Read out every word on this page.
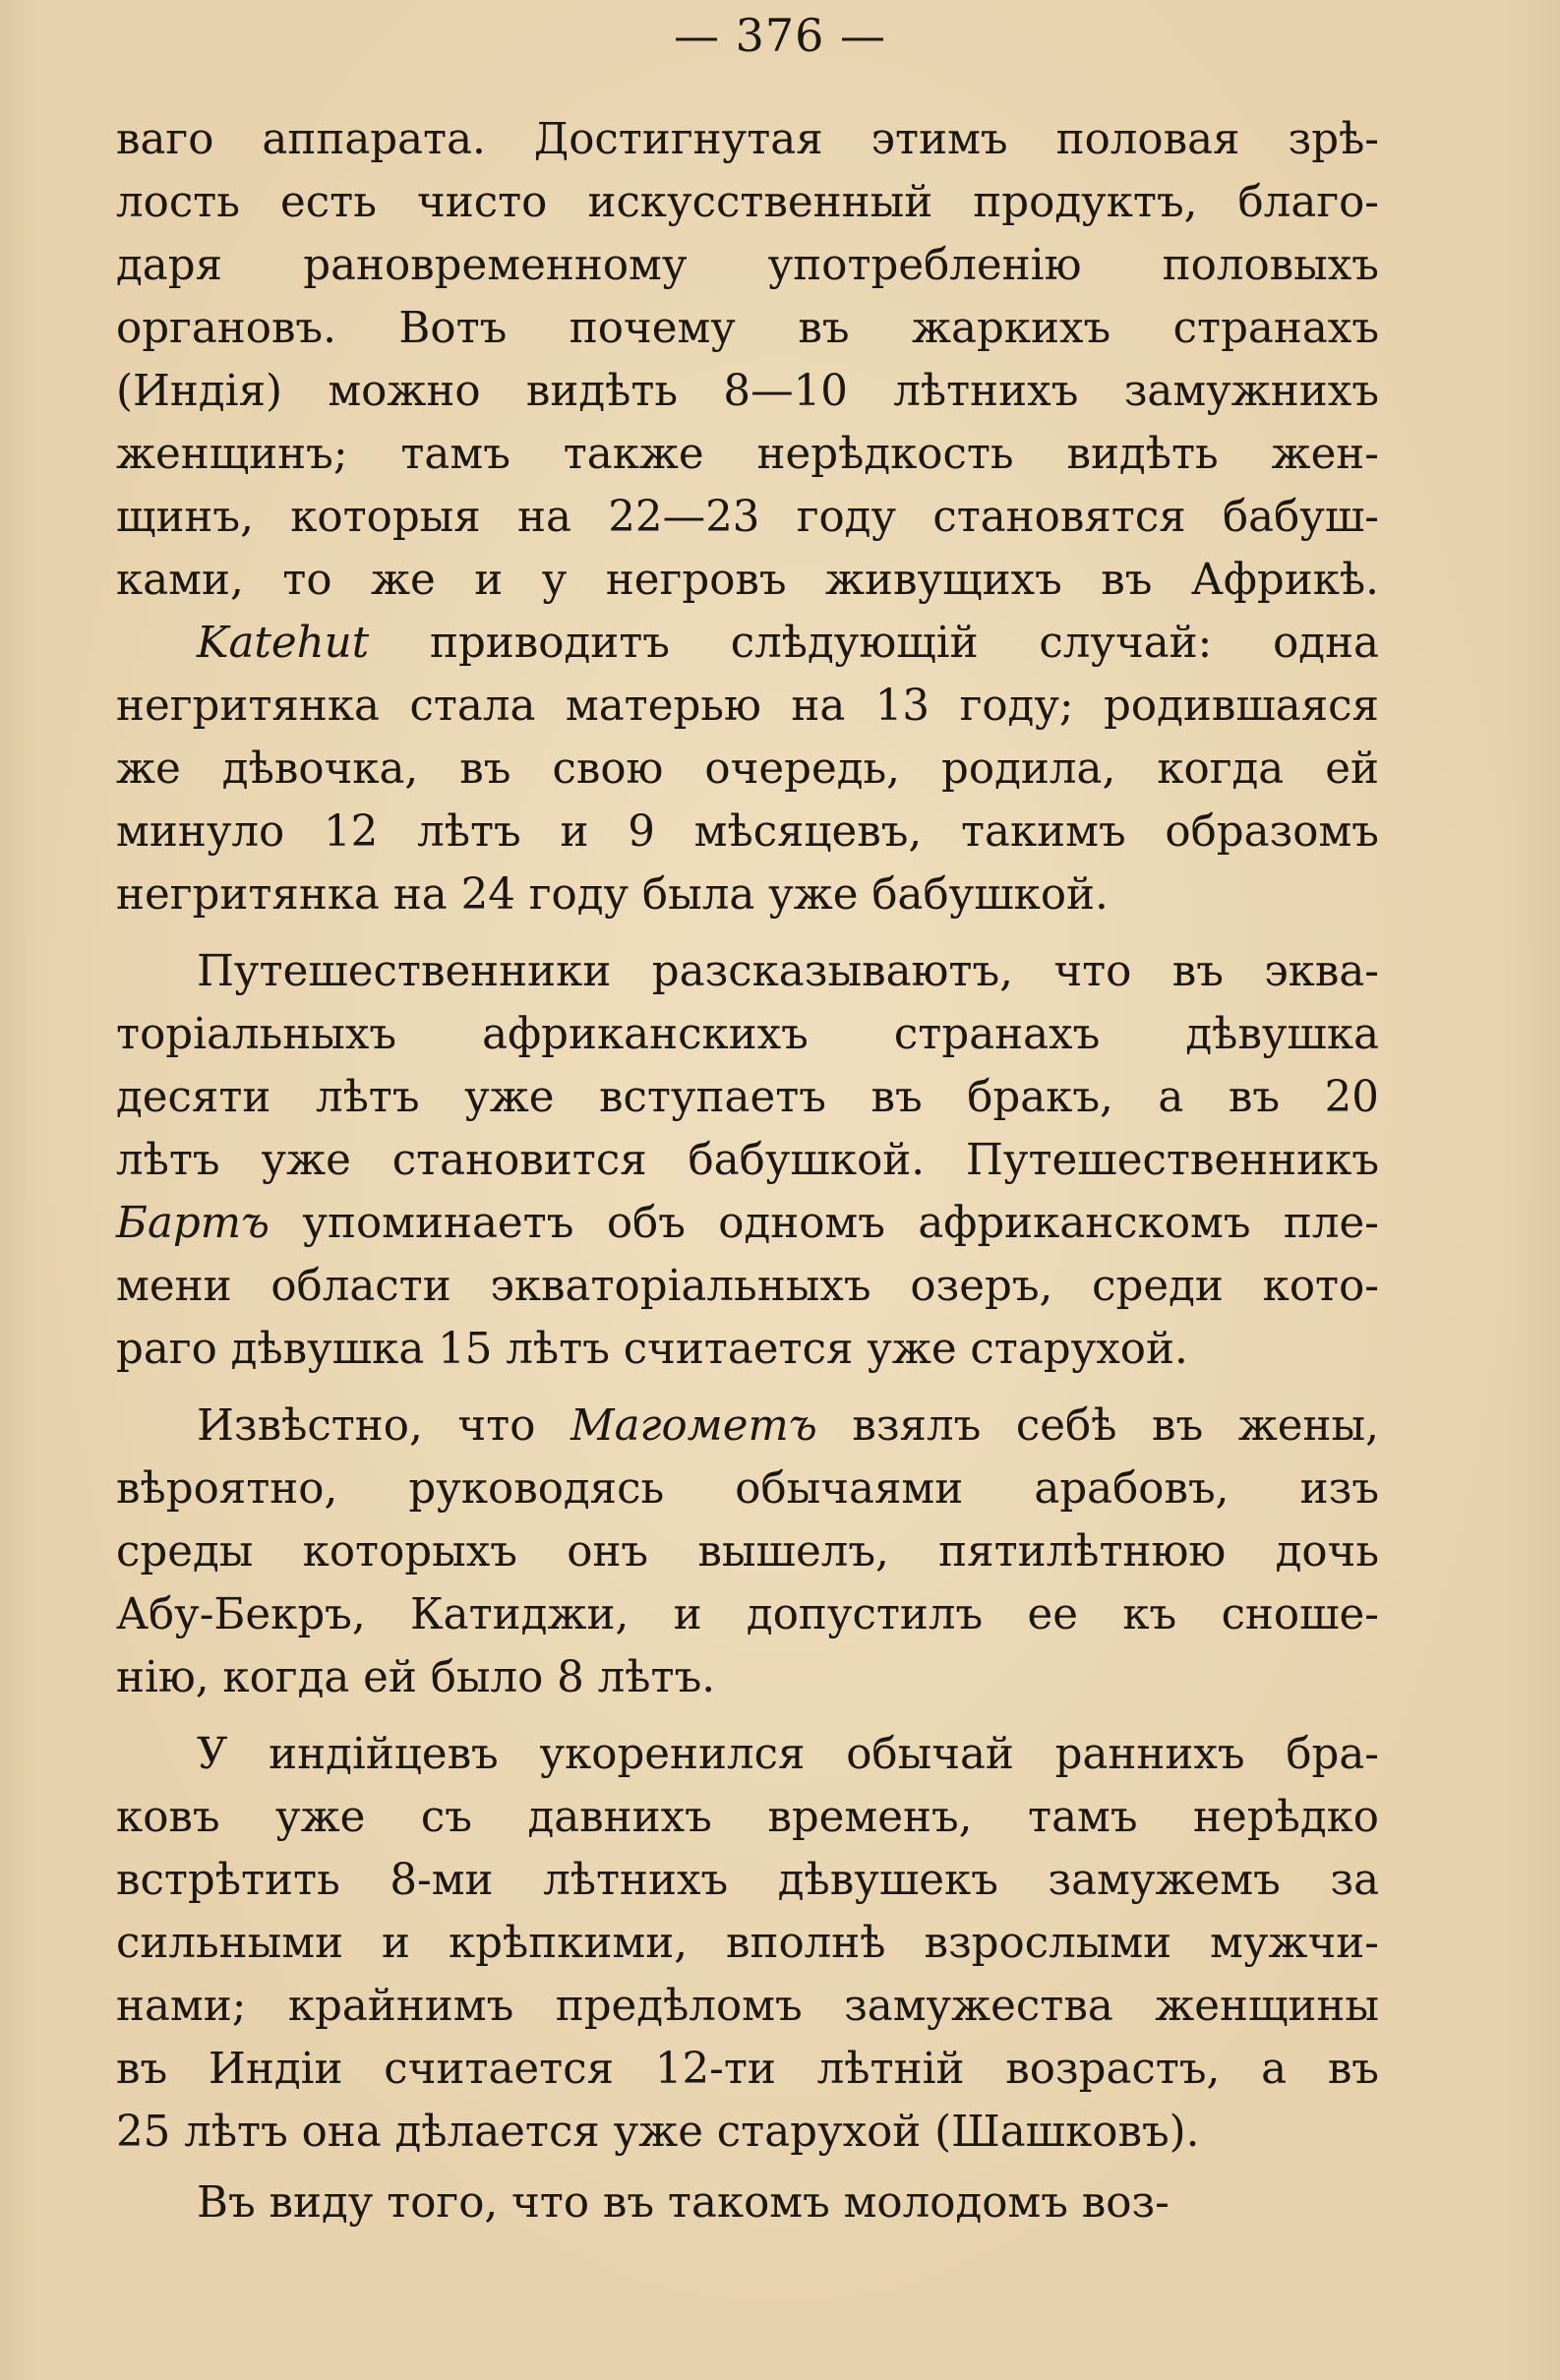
— 376 —
ваго аппарата. Достигнутая этимъ половая зрѣ-
лость есть чисто искусственный продуктъ, благо-
даря рановременному употребленію половыхъ
органовъ. Вотъ почему въ жаркихъ странахъ
(Индія) можно видѣть 8—10 лѣтнихъ замужнихъ
женщинъ; тамъ также нерѣдкость видѣть жен-
щинъ, которыя на 22—23 году становятся бабуш-
ками, то же и у негровъ живущихъ въ Африкѣ.
Katehut приводитъ слѣдующій случай: одна
негритянка стала матерью на 13 году; родившаяся
же дѣвочка, въ свою очередь, родила, когда ей
минуло 12 лѣтъ и 9 мѣсяцевъ, такимъ образомъ
негритянка на 24 году была уже бабушкой.
Путешественники разсказываютъ, что въ эква-
торіальныхъ африканскихъ странахъ дѣвушка
десяти лѣтъ уже вступаетъ въ бракъ, а въ 20
лѣтъ уже становится бабушкой. Путешественникъ
Бартъ упоминаетъ объ одномъ африканскомъ пле-
мени области экваторіальныхъ озеръ, среди кото-
раго дѣвушка 15 лѣтъ считается уже старухой.
Извѣстно, что Магометъ взялъ себѣ въ жены,
вѣроятно, руководясь обычаями арабовъ, изъ
среды которыхъ онъ вышелъ, пятилѣтнюю дочь
Абу-Бекръ, Катиджи, и допустилъ ее къ сноше-
нію, когда ей было 8 лѣтъ.
У индійцевъ укоренился обычай раннихъ бра-
ковъ уже съ давнихъ временъ, тамъ нерѣдко
встрѣтить 8-ми лѣтнихъ дѣвушекъ замужемъ за
сильными и крѣпкими, вполнѣ взрослыми мужчи-
нами; крайнимъ предѣломъ замужества женщины
въ Индіи считается 12-ти лѣтній возрастъ, а въ
25 лѣтъ она дѣлается уже старухой (Шашковъ).
Въ виду того, что въ такомъ молодомъ воз-
